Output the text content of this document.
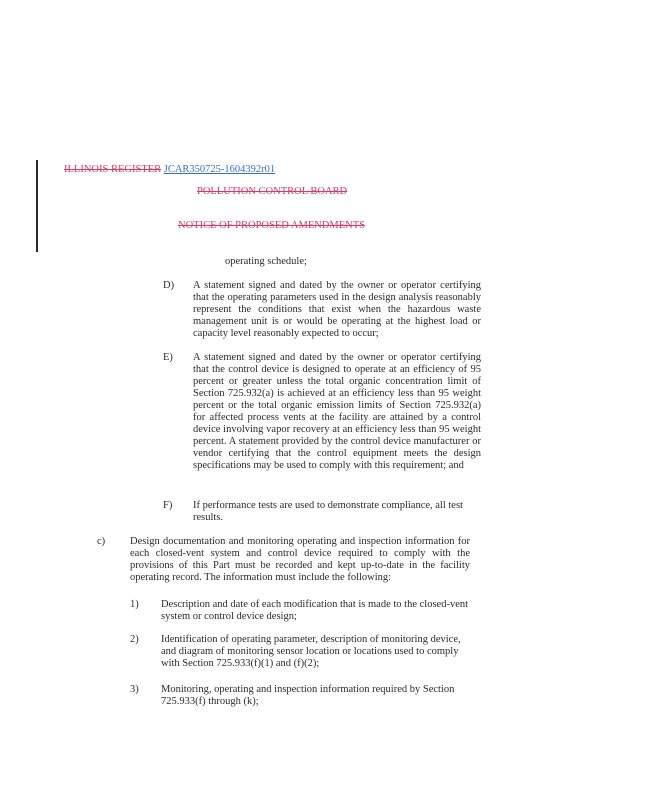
ILLINOIS REGISTER JCAR350725-1604392r01
POLLUTION CONTROL BOARD
NOTICE OF PROPOSED AMENDMENTS
operating schedule;
D) A statement signed and dated by the owner or operator certifying that the operating parameters used in the design analysis reasonably represent the conditions that exist when the hazardous waste management unit is or would be operating at the highest load or capacity level reasonably expected to occur;
E) A statement signed and dated by the owner or operator certifying that the control device is designed to operate at an efficiency of 95 percent or greater unless the total organic concentration limit of Section 725.932(a) is achieved at an efficiency less than 95 weight percent or the total organic emission limits of Section 725.932(a) for affected process vents at the facility are attained by a control device involving vapor recovery at an efficiency less than 95 weight percent. A statement provided by the control device manufacturer or vendor certifying that the control equipment meets the design specifications may be used to comply with this requirement; and
F) If performance tests are used to demonstrate compliance, all test results.
c) Design documentation and monitoring operating and inspection information for each closed-vent system and control device required to comply with the provisions of this Part must be recorded and kept up-to-date in the facility operating record. The information must include the following:
1) Description and date of each modification that is made to the closed-vent system or control device design;
2) Identification of operating parameter, description of monitoring device, and diagram of monitoring sensor location or locations used to comply with Section 725.933(f)(1) and (f)(2);
3) Monitoring, operating and inspection information required by Section 725.933(f) through (k);
